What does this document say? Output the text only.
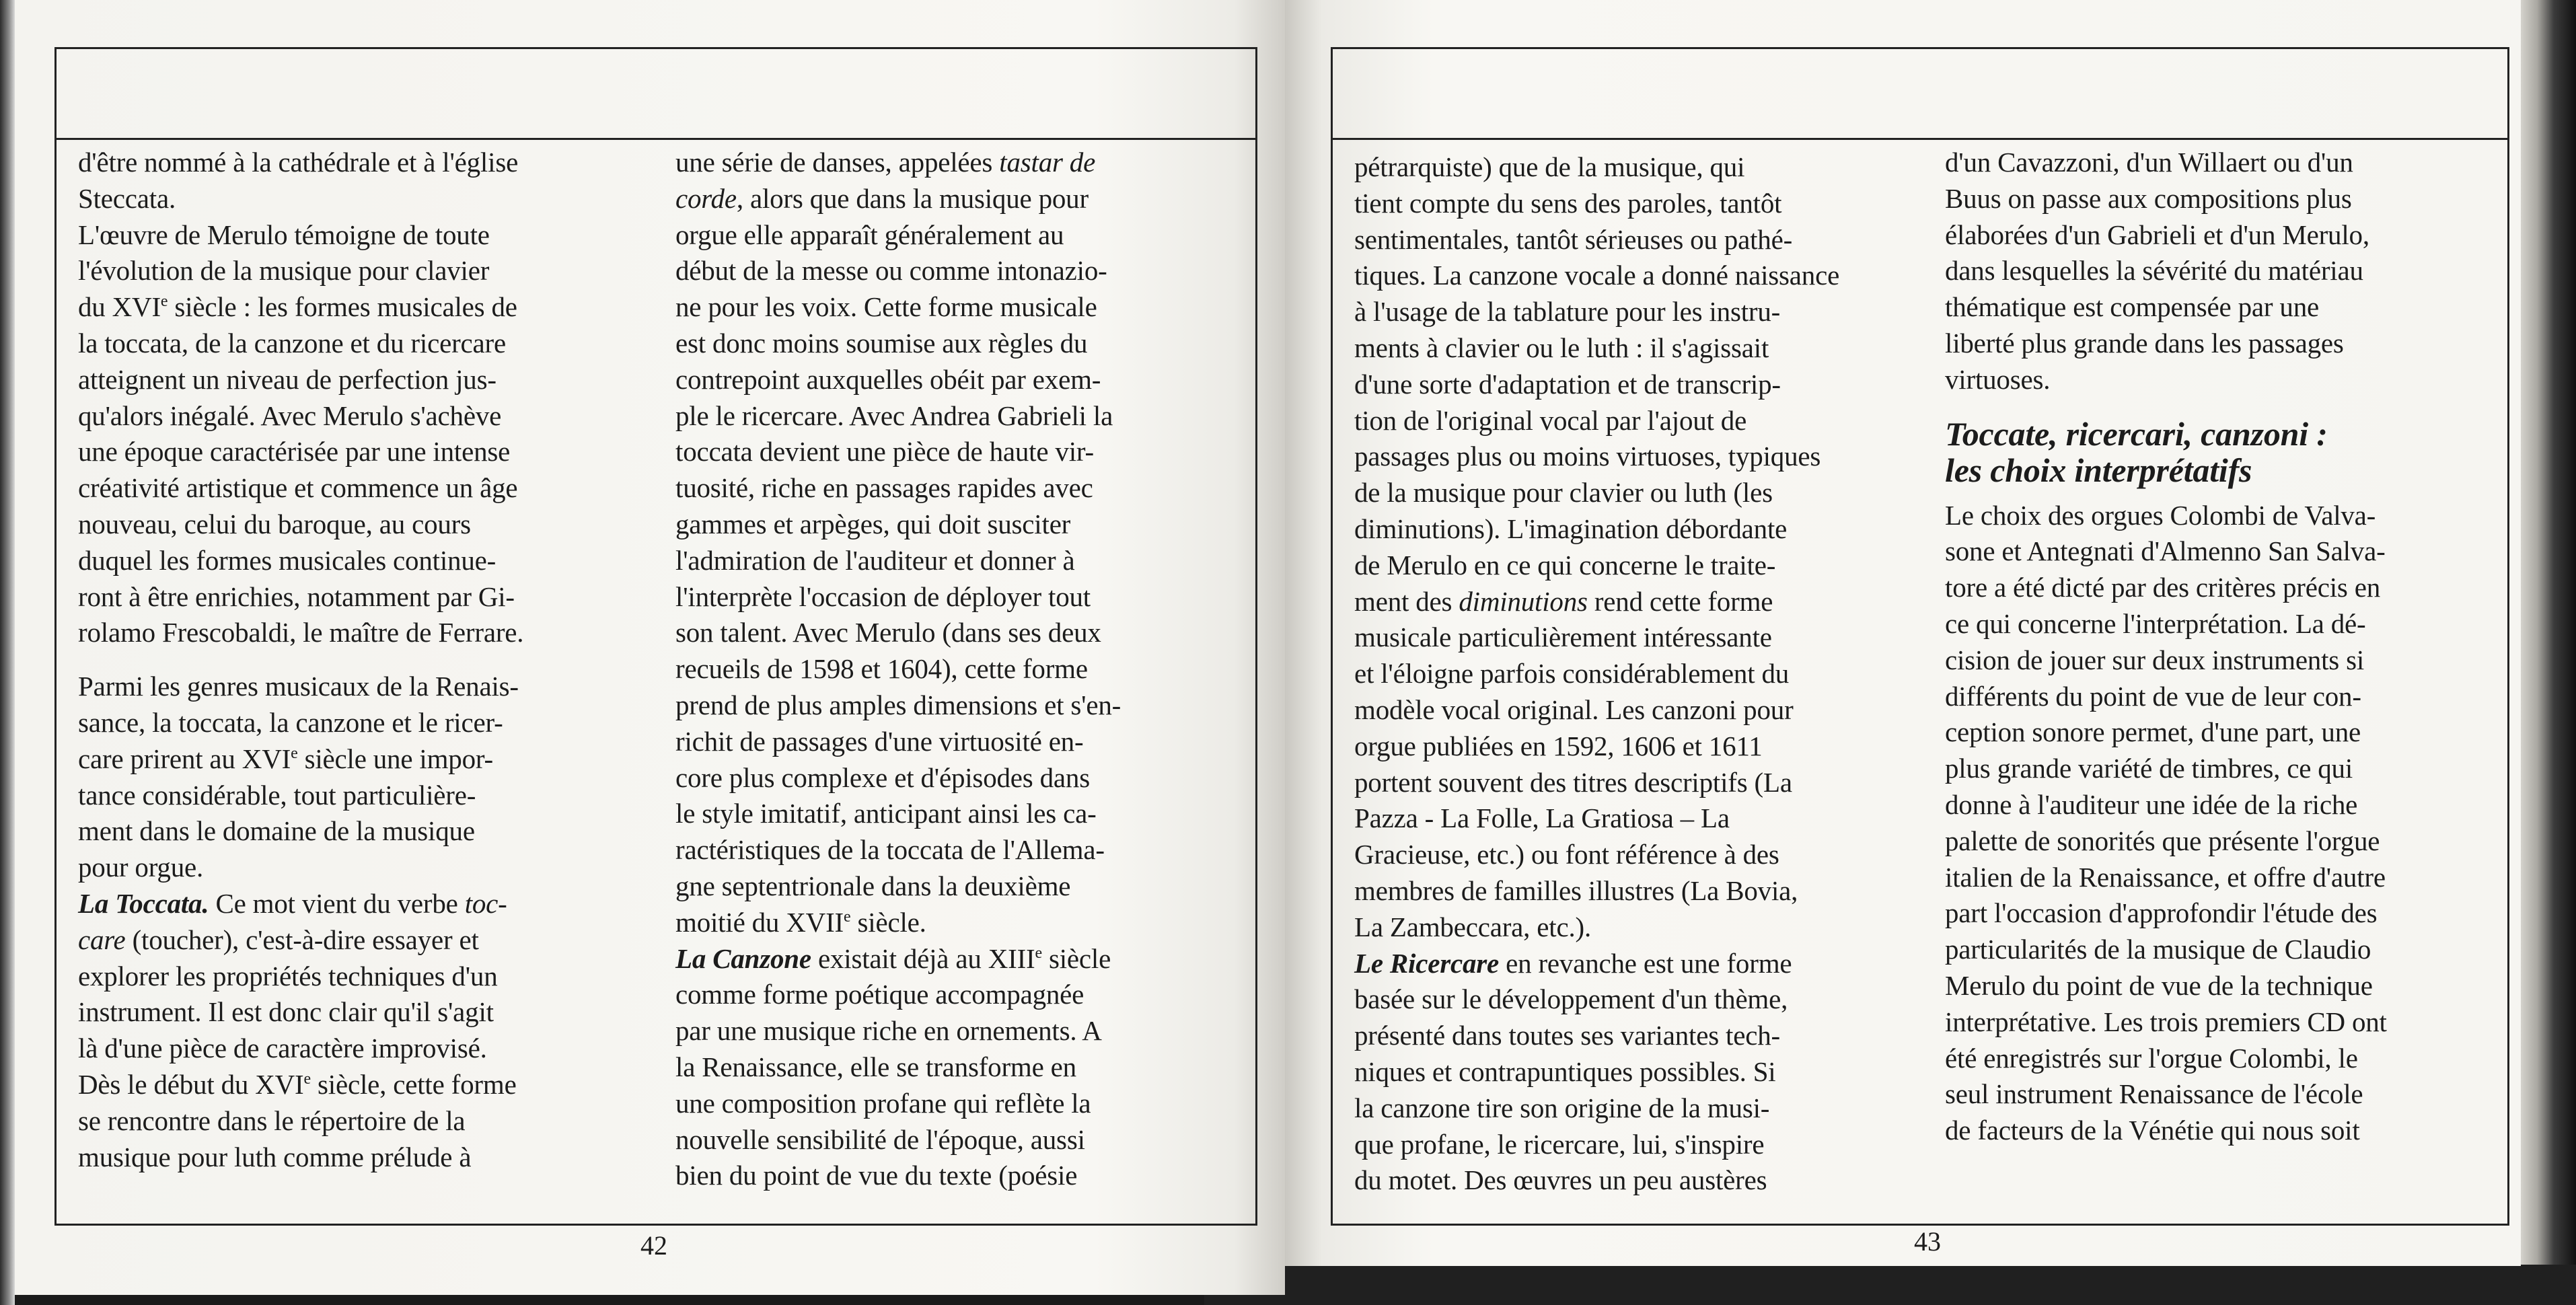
d'être nommé à la cathédrale et à l'église

Steccata.

L'œuvre de Merulo témoigne de toute

l'évolution de la musique pour clavier

du XVIe siècle : les formes musicales de

la toccata, de la canzone et du ricercare

atteignent un niveau de perfection jus-

qu'alors inégalé. Avec Merulo s'achève

une époque caractérisée par une intense

créativité artistique et commence un âge

nouveau, celui du baroque, au cours

duquel les formes musicales continue-

ront à être enrichies, notamment par Gi-

rolamo Frescobaldi, le maître de Ferrare.

Parmi les genres musicaux de la Renais-

sance, la toccata, la canzone et le ricer-

care prirent au XVIe siècle une impor-

tance considérable, tout particulière-

ment dans le domaine de la musique

pour orgue.

La Toccata. Ce mot vient du verbe toc-

care (toucher), c'est-à-dire essayer et

explorer les propriétés techniques d'un

instrument. Il est donc clair qu'il s'agit

là d'une pièce de caractère improvisé.

Dès le début du XVIe siècle, cette forme

se rencontre dans le répertoire de la

musique pour luth comme prélude à

une série de danses, appelées tastar de

corde, alors que dans la musique pour

orgue elle apparaît généralement au

début de la messe ou comme intonazio-

ne pour les voix. Cette forme musicale

est donc moins soumise aux règles du

contrepoint auxquelles obéit par exem-

ple le ricercare. Avec Andrea Gabrieli la

toccata devient une pièce de haute vir-

tuosité, riche en passages rapides avec

gammes et arpèges, qui doit susciter

l'admiration de l'auditeur et donner à

l'interprète l'occasion de déployer tout

son talent. Avec Merulo (dans ses deux

recueils de 1598 et 1604), cette forme

prend de plus amples dimensions et s'en-

richit de passages d'une virtuosité en-

core plus complexe et d'épisodes dans

le style imitatif, anticipant ainsi les ca-

ractéristiques de la toccata de l'Allema-

gne septentrionale dans la deuxième

moitié du XVIIe siècle.

La Canzone existait déjà au XIIIe siècle

comme forme poétique accompagnée

par une musique riche en ornements. A

la Renaissance, elle se transforme en

une composition profane qui reflète la

nouvelle sensibilité de l'époque, aussi

bien du point de vue du texte (poésie

42

pétrarquiste) que de la musique, qui

tient compte du sens des paroles, tantôt

sentimentales, tantôt sérieuses ou pathé-

tiques. La canzone vocale a donné naissance

à l'usage de la tablature pour les instru-

ments à clavier ou le luth : il s'agissait

d'une sorte d'adaptation et de transcrip-

tion de l'original vocal par l'ajout de

passages plus ou moins virtuoses, typiques

de la musique pour clavier ou luth (les

diminutions). L'imagination débordante

de Merulo en ce qui concerne le traite-

ment des diminutions rend cette forme

musicale particulièrement intéressante

et l'éloigne parfois considérablement du

modèle vocal original. Les canzoni pour

orgue publiées en 1592, 1606 et 1611

portent souvent des titres descriptifs (La

Pazza - La Folle, La Gratiosa – La

Gracieuse, etc.) ou font référence à des

membres de familles illustres (La Bovia,

La Zambeccara, etc.).

Le Ricercare en revanche est une forme

basée sur le développement d'un thème,

présenté dans toutes ses variantes tech-

niques et contrapuntiques possibles. Si

la canzone tire son origine de la musi-

que profane, le ricercare, lui, s'inspire

du motet. Des œuvres un peu austères

d'un Cavazzoni, d'un Willaert ou d'un

Buus on passe aux compositions plus

élaborées d'un Gabrieli et d'un Merulo,

dans lesquelles la sévérité du matériau

thématique est compensée par une

liberté plus grande dans les passages

virtuoses.

Toccate, ricercari, canzoni :
les choix interprétatifs

Le choix des orgues Colombi de Valva-

sone et Antegnati d'Almenno San Salva-

tore a été dicté par des critères précis en

ce qui concerne l'interprétation. La dé-

cision de jouer sur deux instruments si

différents du point de vue de leur con-

ception sonore permet, d'une part, une

plus grande variété de timbres, ce qui

donne à l'auditeur une idée de la riche

palette de sonorités que présente l'orgue

italien de la Renaissance, et offre d'autre

part l'occasion d'approfondir l'étude des

particularités de la musique de Claudio

Merulo du point de vue de la technique

interprétative. Les trois premiers CD ont

été enregistrés sur l'orgue Colombi, le

seul instrument Renaissance de l'école

de facteurs de la Vénétie qui nous soit

43
